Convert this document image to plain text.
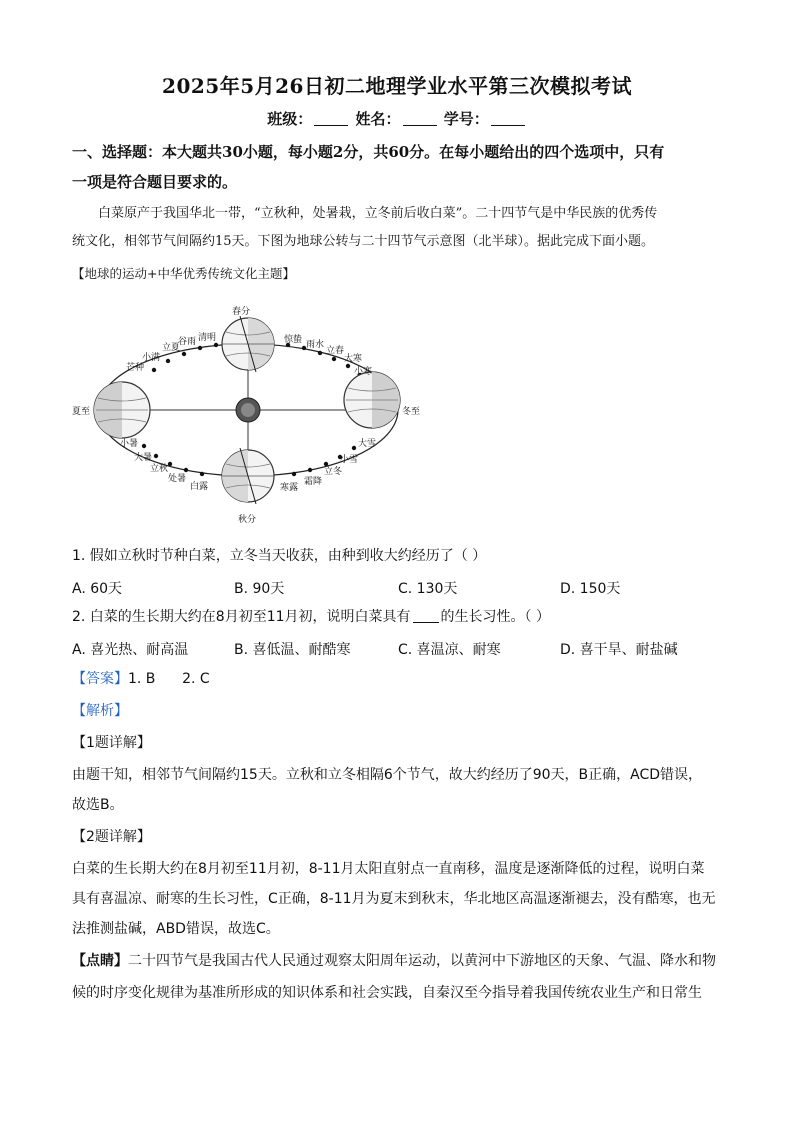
2025年5月26日初二地理学业水平第三次模拟考试
班级：	姓名：	学号：
一、选择题：本大题共30小题，每小题2分，共60分。在每小题给出的四个选项中，只有
一项是符合题目要求的。
白菜原产于我国华北一带，“立秋种，处暑栽，立冬前后收白菜”。二十四节气是中华民族的优秀传
统文化，相邻节气间隔约15天。下图为地球公转与二十四节气示意图（北半球）。据此完成下面小题。
【地球的运动+中华优秀传统文化主题】
春分
秋分
夏至	冬至
清明
谷雨
立夏
小满
芒种
惊蛰 雨水
立春
大寒
小寒
小暑
大暑
立秋
处暑
白露
大雪
小雪
立冬
霜降
寒露
1. 假如立秋时节种白菜，立冬当天收获，由种到收大约经历了（ ）
A. 60天	B. 90天	C. 130天	D. 150天
2. 白菜的生长期大约在8月初至11月初，说明白菜具有 的生长习性。（ ）
A. 喜光热、耐高温	B. 喜低温、耐酷寒	C. 喜温凉、耐寒	D. 喜干旱、耐盐碱
【答案】1. B      2. C
【解析】
【1题详解】
由题干知，相邻节气间隔约15天。立秋和立冬相隔6个节气，故大约经历了90天，B正确，ACD错误，
故选B。
【2题详解】
白菜的生长期大约在8月初至11月初，8-11月太阳直射点一直南移，温度是逐渐降低的过程，说明白菜
具有喜温凉、耐寒的生长习性，C正确，8-11月为夏末到秋末，华北地区高温逐渐褪去，没有酷寒，也无
法推测盐碱，ABD错误，故选C。
【点睛】二十四节气是我国古代人民通过观察太阳周年运动，以黄河中下游地区的天象、气温、降水和物
候的时序变化规律为基准所形成的知识体系和社会实践，自秦汉至今指导着我国传统农业生产和日常生
